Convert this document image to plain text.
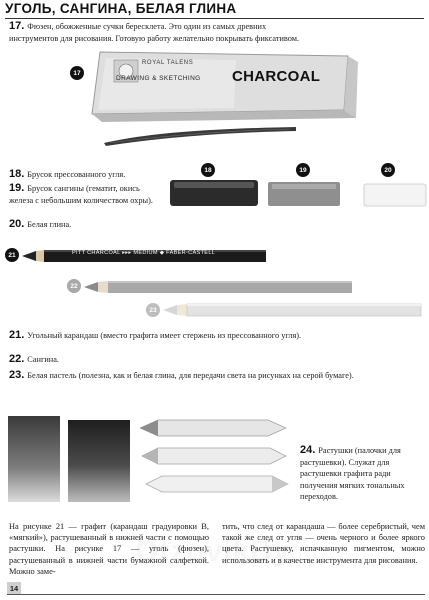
УГОЛЬ, САНГИНА, БЕЛАЯ ГЛИНА
17. Фюзен, обожженные сучки бересклета. Это один из самых древних инструментов для рисования. Готовую работу желательно покрывать фиксативом.
17
ROYAL TALENS
DRAWING & SKETCHING CHARCOAL
18. Брусок прессованного угля.
19. Брусок сангины (гематит, окись железа с небольшим количеством охры).
20. Белая глина.
18	19	20
21	PITT CHARCOAL ▸▸▸ MEDIUM ◆ FABER-CASTELL
22
23
21. Угольный карандаш (вместо графита имеет стержень из прессованного угля).
22. Сангина.
23. Белая пастель (полезна, как и белая глина, для передачи света на рисунках на серой бумаге).
24. Растушки (палочки для растушевки). Служат для растушевки графита ради получения мягких тональных переходов.
На рисунке 21 — графит (карандаш градуировки B, «мягкий»), растушеванный в нижней части с помощью растушки. На рисунке 17 — уголь (фюзен), растушеванный в нижней части бумажной салфеткой. Можно заме-
тить, что след от карандаша — более серебристый, чем такой же след от угля — очень черного и более яркого цвета. Растушевку, испачканную пигментом, можно использовать и в качестве инструмента для рисования.
14
